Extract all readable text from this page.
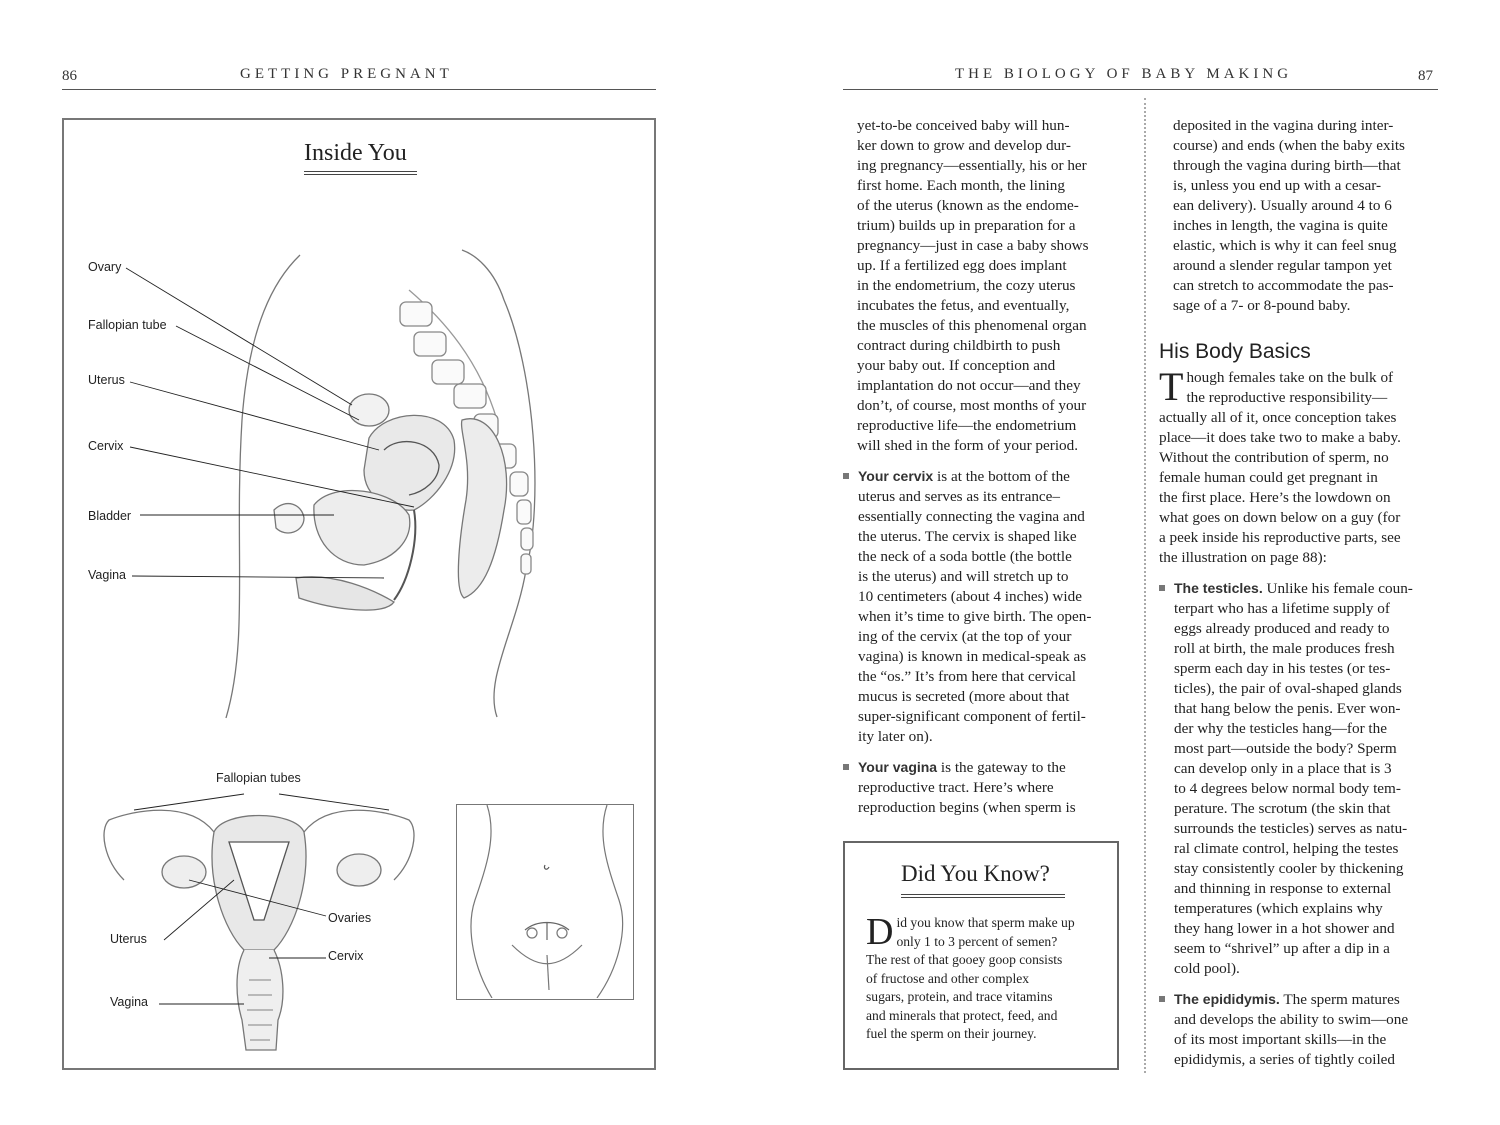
86	GETTING PREGNANT
Inside You
Ovary
Fallopian tube
Uterus
Cervix
Bladder
Vagina
Fallopian tubes
Uterus
Vagina
Ovaries
Cervix
THE BIOLOGY OF BABY MAKING	87
yet-to-be conceived baby will hun-
ker down to grow and develop dur-
ing pregnancy—essentially, his or her
first home. Each month, the lining
of the uterus (known as the endome-
trium) builds up in preparation for a
pregnancy—just in case a baby shows
up. If a fertilized egg does implant
in the endometrium, the cozy uterus
incubates the fetus, and eventually,
the muscles of this phenomenal organ
contract during childbirth to push
your baby out. If conception and
implantation do not occur—and they
don’t, of course, most months of your
reproductive life—the endometrium
will shed in the form of your period.
Your cervix is at the bottom of the
uterus and serves as its entrance–
essentially connecting the vagina and
the uterus. The cervix is shaped like
the neck of a soda bottle (the bottle
is the uterus) and will stretch up to
10 centimeters (about 4 inches) wide
when it’s time to give birth. The open-
ing of the cervix (at the top of your
vagina) is known in medical-speak as
the “os.” It’s from here that cervical
mucus is secreted (more about that
super-significant component of fertil-
ity later on).
Your vagina is the gateway to the
reproductive tract. Here’s where
reproduction begins (when sperm is
Did You Know?
D id you know that sperm make up
only 1 to 3 percent of semen?
The rest of that gooey goop consists
of fructose and other complex
sugars, protein, and trace vitamins
and minerals that protect, feed, and
fuel the sperm on their journey.
deposited in the vagina during inter-
course) and ends (when the baby exits
through the vagina during birth—that
is, unless you end up with a cesar-
ean delivery). Usually around 4 to 6
inches in length, the vagina is quite
elastic, which is why it can feel snug
around a slender regular tampon yet
can stretch to accommodate the pas-
sage of a 7- or 8-pound baby.
His Body Basics
T hough females take on the bulk of
the reproductive responsibility—
actually all of it, once conception takes
place—it does take two to make a baby.
Without the contribution of sperm, no
female human could get pregnant in
the first place. Here’s the lowdown on
what goes on down below on a guy (for
a peek inside his reproductive parts, see
the illustration on page 88):
The testicles. Unlike his female coun-
terpart who has a lifetime supply of
eggs already produced and ready to
roll at birth, the male produces fresh
sperm each day in his testes (or tes-
ticles), the pair of oval-shaped glands
that hang below the penis. Ever won-
der why the testicles hang—for the
most part—outside the body? Sperm
can develop only in a place that is 3
to 4 degrees below normal body tem-
perature. The scrotum (the skin that
surrounds the testicles) serves as natu-
ral climate control, helping the testes
stay consistently cooler by thickening
and thinning in response to external
temperatures (which explains why
they hang lower in a hot shower and
seem to “shrivel” up after a dip in a
cold pool).
The epididymis. The sperm matures
and develops the ability to swim—one
of its most important skills—in the
epididymis, a series of tightly coiled
